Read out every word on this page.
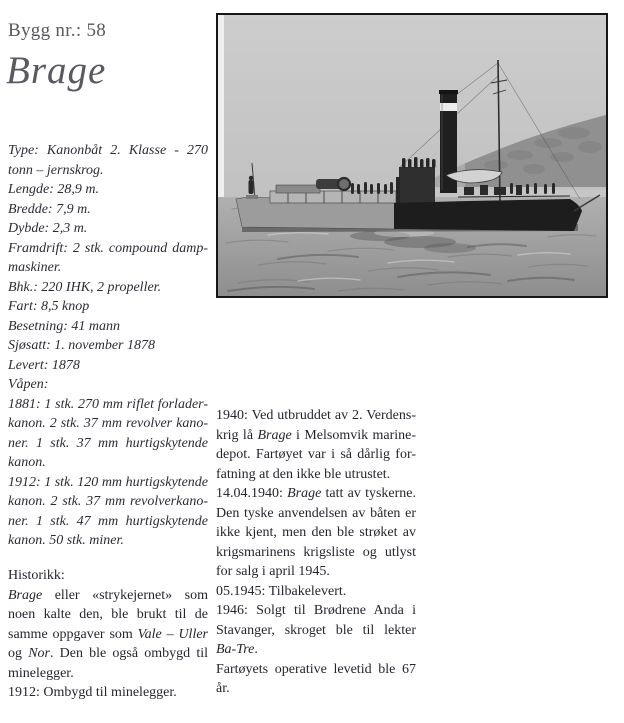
Bygg nr.: 58
Brage
Type: Kanonbåt 2. Klasse - 270
tonn – jernskrog.
Lengde: 28,9 m.
Bredde: 7,9 m.
Dybde: 2,3 m.
Framdrift: 2 stk. compound damp-
maskiner.
Bhk.: 220 IHK, 2 propeller.
Fart: 8,5 knop
Besetning: 41 mann
Sjøsatt: 1. november 1878
Levert: 1878
Våpen:
1881: 1 stk. 270 mm riflet forlader-
kanon. 2 stk. 37 mm revolver kano-
ner. 1 stk. 37 mm hurtigskytende
kanon.
1912: 1 stk. 120 mm hurtigskytende
kanon. 2 stk. 37 mm revolverkano-
ner. 1 stk. 47 mm hurtigskytende
kanon. 50 stk. miner.
Historikk:
Brage eller «strykejernet» som
noen kalte den, ble brukt til de
samme oppgaver som Vale – Uller
og Nor. Den ble også ombygd til
minelegger.
1912: Ombygd til minelegger.
1940: Ved utbruddet av 2. Verdens-
krig lå Brage i Melsomvik marine-
depot. Fartøyet var i så dårlig for-
fatning at den ikke ble utrustet.
14.04.1940: Brage tatt av tyskerne.
Den tyske anvendelsen av båten er
ikke kjent, men den ble strøket av
krigsmarinens krigsliste og utlyst
for salg i april 1945.
05.1945: Tilbakelevert.
1946: Solgt til Brødrene Anda i
Stavanger, skroget ble til lekter
Ba-Tre.
Fartøyets operative levetid ble 67
år.
